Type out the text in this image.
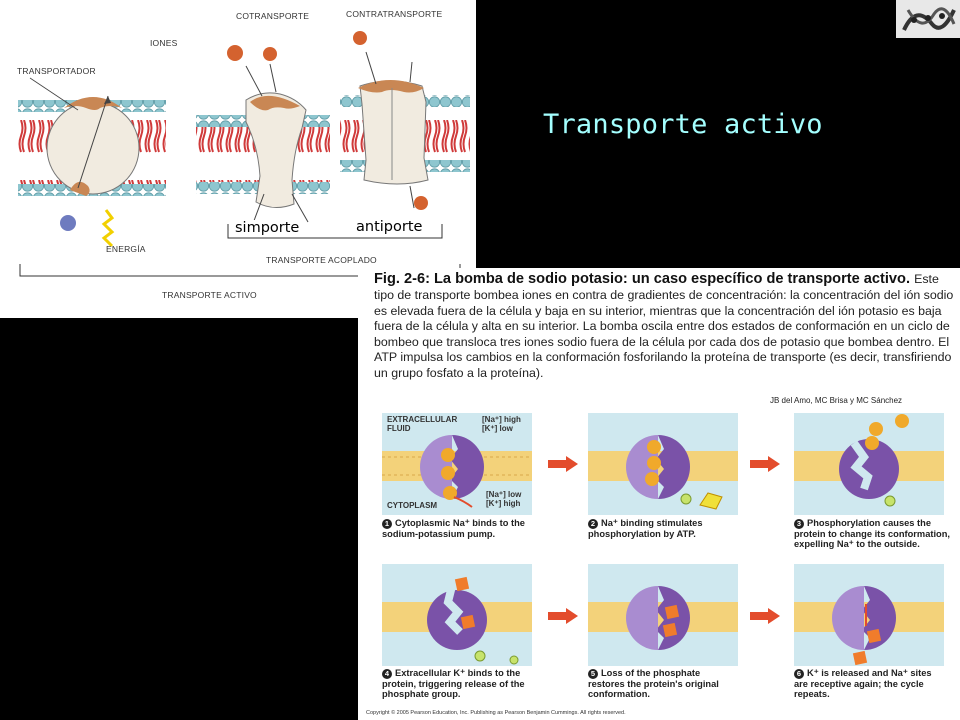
IONES
COTRANSPORTE	CONTRATRANSPORTE
TRANSPORTADOR
ENERGÍA
TRANSPORTE ACOPLADO
TRANSPORTE ACTIVO
simporte	antiporte
Transporte activo
Fig. 2-6: La bomba de sodio potasio: un caso específico de transporte activo. Este tipo de transporte bombea iones en contra de gradientes de concentración: la concentración del ión sodio es elevada fuera de la célula y baja en su interior, mientras que la concentración del ión potasio es baja fuera de la célula y alta en su interior. La bomba oscila entre dos estados de conformación en un ciclo de bombeo que transloca tres iones sodio fuera de la célula por cada dos de potasio que bombea dentro. El ATP impulsa los cambios en la conformación fosforilando la proteína de transporte (es decir, transfiriendo un grupo fosfato a la proteína).
JB del Amo, MC Brisa y MC Sánchez
EXTRACELLULAR FLUID
[Na⁺] high [K⁺] low
CYTOPLASM
[Na⁺] low [K⁺] high
1 Cytoplasmic Na⁺ binds to the sodium-potassium pump.
2 Na⁺ binding stimulates phosphorylation by ATP.
3 Phosphorylation causes the protein to change its conformation, expelling Na⁺ to the outside.
4 Extracellular K⁺ binds to the protein, triggering release of the phosphate group.
5 Loss of the phosphate restores the protein's original conformation.
6 K⁺ is released and Na⁺ sites are receptive again; the cycle repeats.
Copyright © 2005 Pearson Education, Inc. Publishing as Pearson Benjamin Cummings. All rights reserved.
